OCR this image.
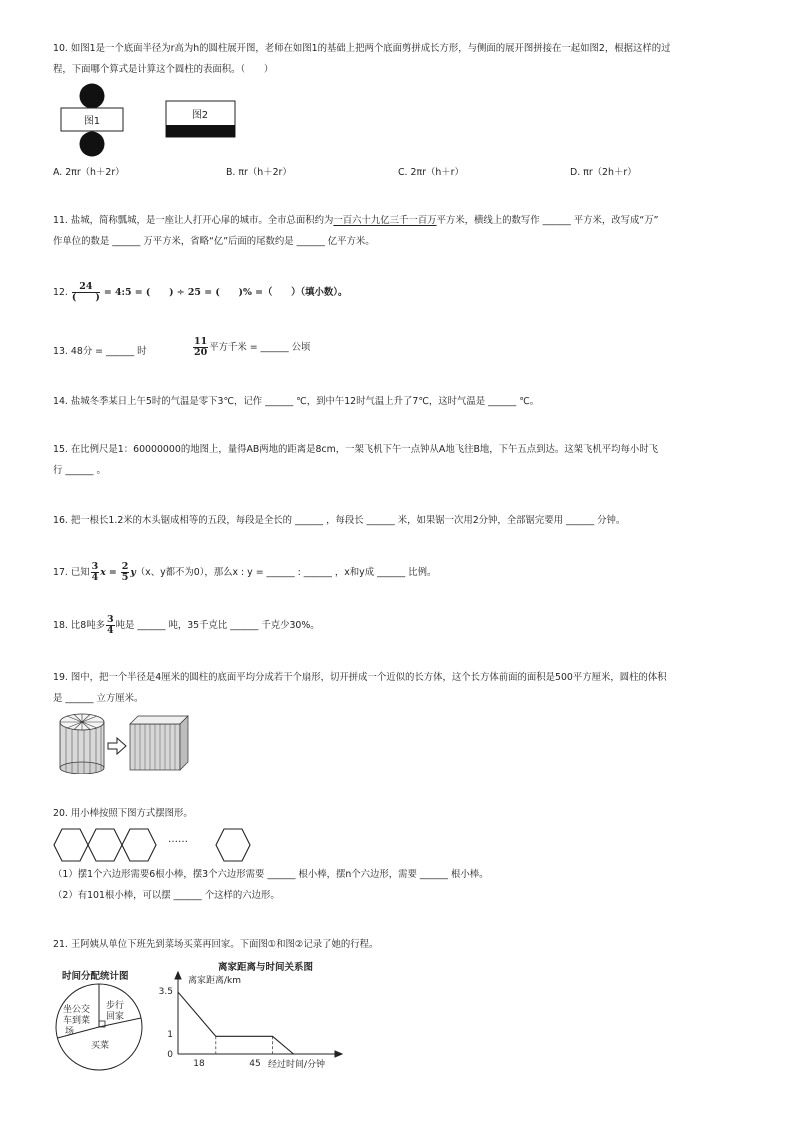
10. 如图1是一个底面半径为r高为h的圆柱展开图，老师在如图1的基础上把两个底面剪拼成长方形，与侧面的展开图拼接在一起如图2，根据这样的过
程，下面哪个算式是计算这个圆柱的表面积。（　　）
图1
图2
A. 2πr（h＋2r）	B. πr（h＋2r）	C. 2πr（h＋r）	D. πr（2h＋r）
11. 盐城，简称瓢城，是一座让人打开心扉的城市。全市总面积约为一百六十九亿三千一百万平方米，横线上的数写作 ______ 平方米，改写成“万”
作单位的数是 ______ 万平方米，省略“亿”后面的尾数约是 ______ 亿平方米。
12. $\frac{24}{( )}$ = 4:5 = (　　) ÷ 25 = (　　)% =（　　）（填小数）。
13. 48分 = ______ 时	$\frac{11}{20}$ 平方千米 = ______ 公顷
14. 盐城冬季某日上午5时的气温是零下3℃，记作 ______ ℃，到中午12时气温上升了7℃，这时气温是 ______ ℃。
15. 在比例尺是1：60000000的地图上，量得AB两地的距离是8cm，一架飞机下午一点钟从A地飞往B地，下午五点到达。这架飞机平均每小时飞
行 ______ 。
16. 把一根长1.2米的木头锯成相等的五段，每段是全长的 ______ ，每段长 ______ 米，如果锯一次用2分钟，全部锯完要用 ______ 分钟。
17. 已知 $\frac{3}{4}$ $x = \frac{2}{5} y(x$、y都不为0），那么x : y = ______ : ______ ，x和y成 ______ 比例。
18. 比8吨多 $\frac{3}{4}$ 吨是 ______ 吨，35千克比 ______ 千克少30%。
19. 图中，把一个半径是4厘米的圆柱的底面平均分成若干个扇形，切开拼成一个近似的长方体，这个长方体前面的面积是500平方厘米，圆柱的体积
是 ______ 立方厘米。
20. 用小棒按照下图方式摆图形。
……
（1）摆1个六边形需要6根小棒，摆3个六边形需要 ______ 根小棒，摆n个六边形，需要 ______ 根小棒。
（2）有101根小棒，可以摆 ______ 个这样的六边形。
21. 王阿姨从单位下班先到菜场买菜再回家。下面图①和图②记录了她的行程。
时间分配统计图
坐公交
车到菜
场
步行
回家
买菜
离家距离与时间关系图
离家距离/km
3.5
1
0
18	45 经过时间/分钟
